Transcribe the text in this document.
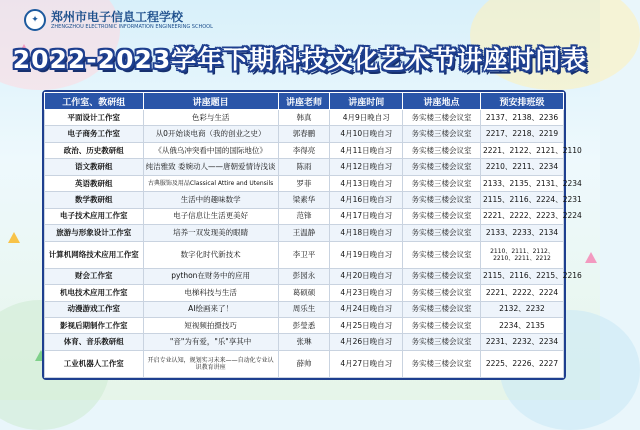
✦	郑州市电子信息工程学校
ZHENGZHOU ELECTRONIC INFORMATION ENGINEERING SCHOOL
2022-2023学年下期科技文化艺术节讲座时间表
工作室、教研组	讲座题目	讲座老师	讲座时间	讲座地点	预安排班级
平面设计工作室	色彩与生活	韩真	4月9日晚自习	务实楼三楼会议室	2137、2138、2236
电子商务工作室	从0开始谈电商（我的创业之史）	郭春鹏	4月10日晚自习	务实楼三楼会议室	2217、2218、2219
政治、历史教研组	《从俄乌冲突看中国的国际地位》	李得亮	4月11日晚自习	务实楼三楼会议室	2221、2122、2121、2110
语文教研组	纯洁雅致 委婉动人——唐朝爱情诗浅谈	陈雨	4月12日晚自习	务实楼三楼会议室	2210、2211、2234
英语教研组	古典服饰及用品Classical Attire and Utensils	罗菲	4月13日晚自习	务实楼三楼会议室	2133、2135、2131、2234
数学教研组	生活中的趣味数学	梁素华	4月16日晚自习	务实楼三楼会议室	2115、2116、2224、2231
电子技术应用工作室	电子信息让生活更美好	范锋	4月17日晚自习	务实楼三楼会议室	2221、2222、2223、2224
旅游与形象设计工作室	培养一双发现美的眼睛	王温静	4月18日晚自习	务实楼三楼会议室	2133、2233、2134
计算机网络技术应用工作室	数字化时代新技术	李卫平	4月19日晚自习	务实楼三楼会议室	2110、2111、2112、2210、2211、2212
财会工作室	python在财务中的应用	彭园永	4月20日晚自习	务实楼三楼会议室	2115、2116、2215、2216
机电技术应用工作室	电梯科技与生活	葛硕硕	4月23日晚自习	务实楼三楼会议室	2221、2222、2224
动漫游戏工作室	AI绘画来了！	周乐生	4月24日晚自习	务实楼三楼会议室	2132、2232
影视后期制作工作室	短视频拍摄技巧	彭瑩悉	4月25日晚自习	务实楼三楼会议室	2234、2135
体育、音乐教研组	"音"为有爱，"乐"享其中	张琳	4月26日晚自习	务实楼三楼会议室	2231、2232、2234
工业机器人工作室	开启专业认知，规划实习未来——自动化专业认识教育讲座	薛帅	4月27日晚自习	务实楼三楼会议室	2225、2226、2227
